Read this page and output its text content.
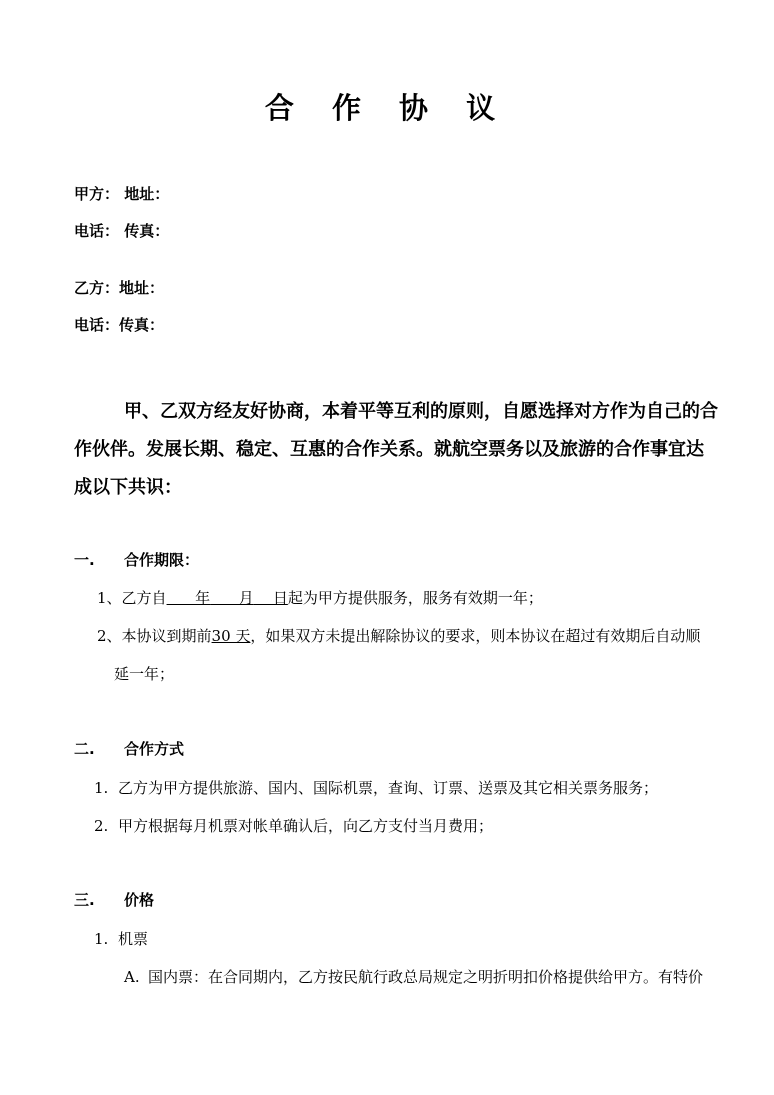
合 作 协 议
甲方： 地址：
电话： 传真：
乙方：地址：
电话：传真：
甲、乙双方经友好协商，本着平等互利的原则，自愿选择对方作为自己的合
作伙伴。发展长期、稳定、互惠的合作关系。就航空票务以及旅游的合作事宜达
成以下共识：
一. 合作期限：
1、乙方自      年      月    日起为甲方提供服务，服务有效期一年；
2、本协议到期前30 天，如果双方未提出解除协议的要求，则本协议在超过有效期后自动顺
延一年；
二. 合作方式
1. 乙方为甲方提供旅游、国内、国际机票，查询、订票、送票及其它相关票务服务；
2. 甲方根据每月机票对帐单确认后，向乙方支付当月费用；
三. 价格
1. 机票
A. 国内票：在合同期内，乙方按民航行政总局规定之明折明扣价格提供给甲方。有特价
